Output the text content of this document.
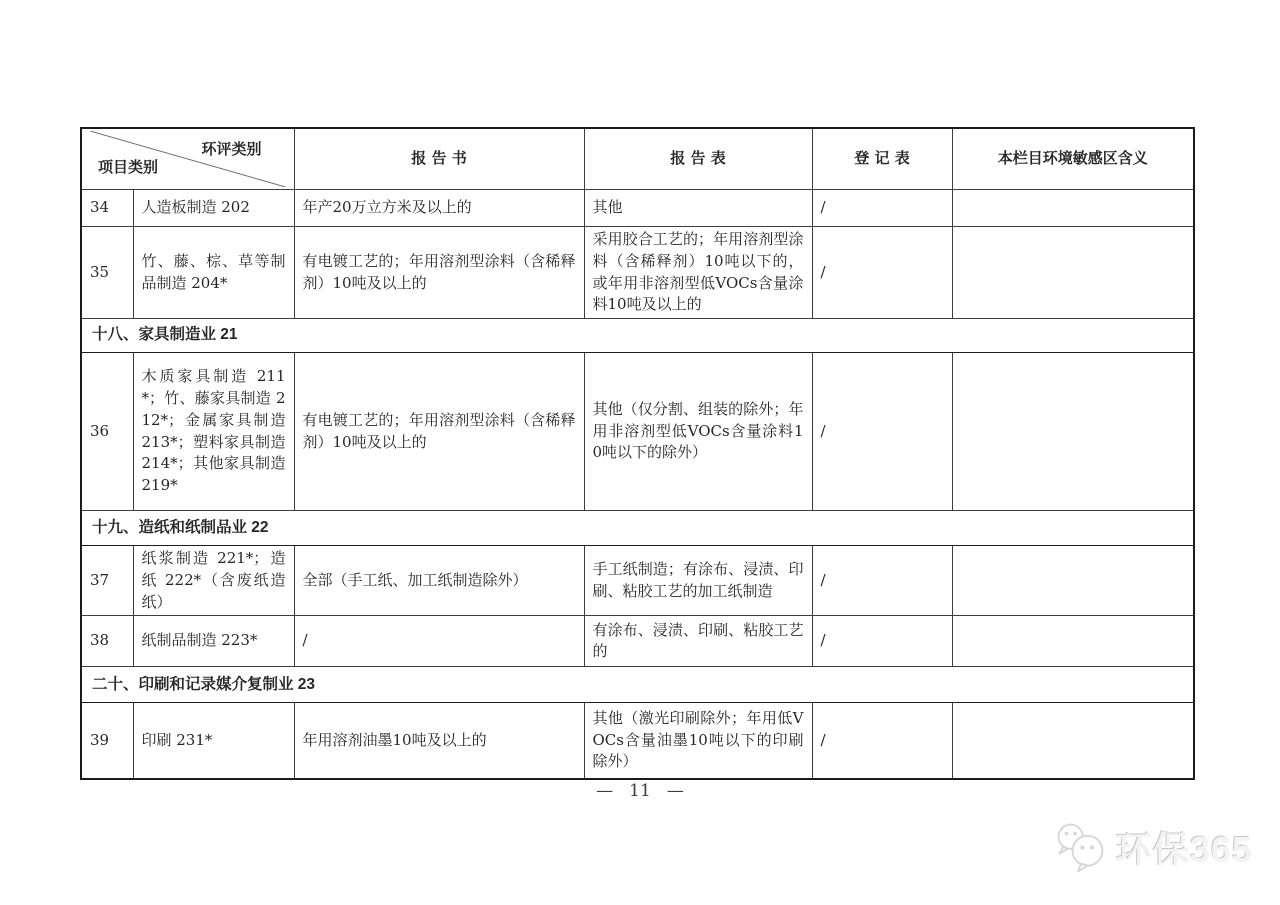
环评类别
项目类别		报 告 书	报 告 表	登 记 表	本栏目环境敏感区含义
34	人造板制造 202	年产20万立方米及以上的	其他	/	
35	竹、藤、棕、草等制品制造 204*	有电镀工艺的；年用溶剂型涂料（含稀释剂）10吨及以上的	采用胶合工艺的；年用溶剂型涂料（含稀释剂）10吨以下的，或年用非溶剂型低VOCs含量涂料10吨及以上的	/	
十八、家具制造业 21					
36	木质家具制造 211*；竹、藤家具制造 212*；金属家具制造 213*；塑料家具制造 214*；其他家具制造 219*	有电镀工艺的；年用溶剂型涂料（含稀释剂）10吨及以上的	其他（仅分割、组装的除外；年用非溶剂型低VOCs含量涂料10吨以下的除外）	/	
十九、造纸和纸制品业 22					
37	纸浆制造 221*；造纸 222*（含废纸造纸）	全部（手工纸、加工纸制造除外）	手工纸制造；有涂布、浸渍、印刷、粘胶工艺的加工纸制造	/	
38	纸制品制造 223*	/	有涂布、浸渍、印刷、粘胶工艺的	/	
二十、印刷和记录媒介复制业 23					
39	印刷 231*	年用溶剂油墨10吨及以上的	其他（激光印刷除外；年用低VOCs含量油墨10吨以下的印刷除外）	/	
— 11 —
环保365
